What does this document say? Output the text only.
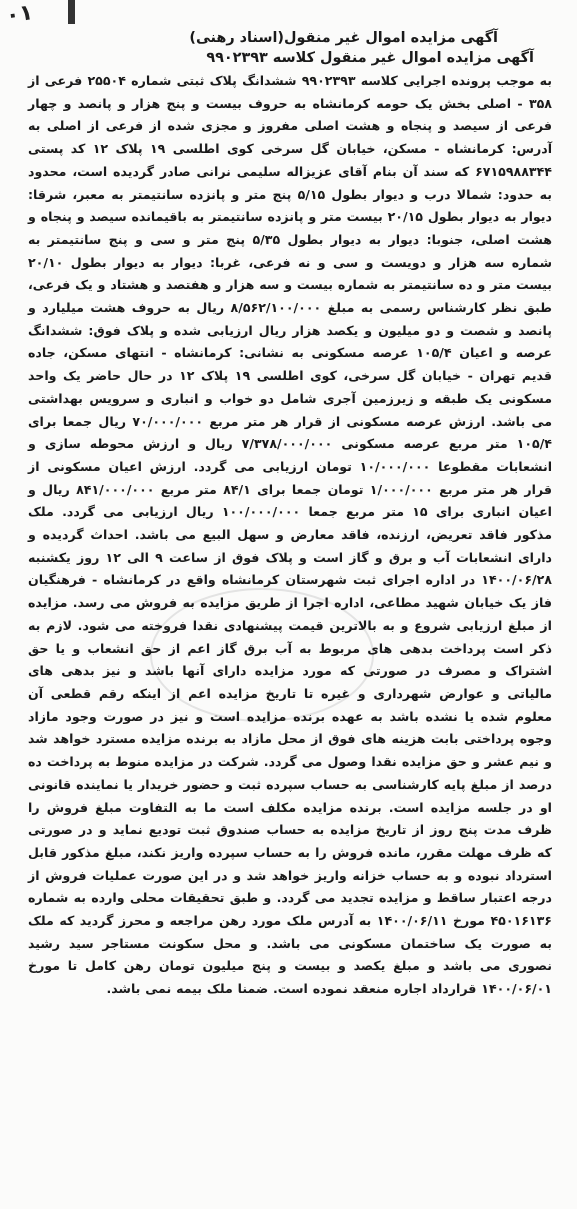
۰۱
آگهی مزایده اموال غیر منقول(اسناد رهنی)
آگهی مزایده اموال غیر منقول کلاسه ۹۹۰۲۳۹۳
به موجب پرونده اجرایی کلاسه ۹۹۰۲۳۹۳ ششدانگ پلاک ثبتی شماره ۲۵۵۰۴ فرعی از ۳۵۸ - اصلی بخش یک حومه کرمانشاه به حروف بیست و پنج هزار و پانصد و چهار فرعی از سیصد و پنجاه و هشت اصلی مفروز و مجزی شده از فرعی از اصلی به آدرس: کرمانشاه - مسکن، خیابان گل سرخی کوی اطلسی ۱۹ پلاک ۱۲ کد پستی ۶۷۱۵۹۸۸۳۴۴ که سند آن بنام آقای عزیزاله سلیمی نرانی صادر گردیده است، محدود به حدود: شمالا درب و دیوار بطول ۵/۱۵ پنج متر و پانزده سانتیمتر به معبر، شرقا: دیوار به دیوار بطول ۲۰/۱۵ بیست متر و پانزده سانتیمتر به باقیمانده سیصد و پنجاه و هشت اصلی، جنوبا: دیوار به دیوار بطول ۵/۳۵ پنج متر و سی و پنج سانتیمتر به شماره سه هزار و دویست و سی و نه فرعی، غربا: دیوار به دیوار بطول ۲۰/۱۰ بیست متر و ده سانتیمتر به شماره بیست و سه هزار و هفتصد و هشتاد و یک فرعی، طبق نظر کارشناس رسمی به مبلغ ۸/۵۶۲/۱۰۰/۰۰۰ ریال به حروف هشت میلیارد و پانصد و شصت و دو میلیون و یکصد هزار ریال ارزیابی شده و پلاک فوق: ششدانگ عرصه و اعیان ۱۰۵/۴ عرصه مسکونی به نشانی: کرمانشاه - انتهای مسکن، جاده قدیم تهران - خیابان گل سرخی، کوی اطلسی ۱۹ پلاک ۱۲ در حال حاضر یک واحد مسکونی یک طبقه و زیرزمین آجری شامل دو خواب و انباری و سرویس بهداشتی می باشد. ارزش عرصه مسکونی از قرار هر متر مربع ۷۰/۰۰۰/۰۰۰ ریال جمعا برای ۱۰۵/۴ متر مربع عرصه مسکونی ۷/۳۷۸/۰۰۰/۰۰۰ ریال و ارزش محوطه سازی و انشعابات مقطوعا ۱۰/۰۰۰/۰۰۰ تومان ارزیابی می گردد. ارزش اعیان مسکونی از قرار هر متر مربع ۱/۰۰۰/۰۰۰ تومان جمعا برای ۸۴/۱ متر مربع ۸۴۱/۰۰۰/۰۰۰ ریال و اعیان انباری برای ۱۵ متر مربع جمعا ۱۰۰/۰۰۰/۰۰۰ ریال ارزیابی می گردد. ملک مذکور فاقد تعریض، ارزنده، فاقد معارض و سهل البیع می باشد. احداث گردیده و دارای انشعابات آب و برق و گاز است و پلاک فوق از ساعت ۹ الی ۱۲ روز یکشنبه ۱۴۰۰/۰۶/۲۸ در اداره اجرای ثبت شهرستان کرمانشاه واقع در کرمانشاه - فرهنگیان فاز یک خیابان شهید مطاعی، اداره اجرا از طریق مزایده به فروش می رسد. مزایده از مبلغ ارزیابی شروع و به بالاترین قیمت پیشنهادی نقدا فروخته می شود. لازم به ذکر است پرداخت بدهی های مربوط به آب برق گاز اعم از حق انشعاب و یا حق اشتراک و مصرف در صورتی که مورد مزایده دارای آنها باشد و نیز بدهی های مالیاتی و عوارض شهرداری و غیره تا تاریخ مزایده اعم از اینکه رقم قطعی آن معلوم شده یا نشده باشد به عهده برنده مزایده است و نیز در صورت وجود مازاد وجوه پرداختی بابت هزینه های فوق از محل مازاد به برنده مزایده مسترد خواهد شد و نیم عشر و حق مزایده نقدا وصول می گردد. شرکت در مزایده منوط به پرداخت ده درصد از مبلغ پایه کارشناسی به حساب سپرده ثبت و حضور خریدار یا نماینده قانونی او در جلسه مزایده است. برنده مزایده مکلف است ما به التفاوت مبلغ فروش را ظرف مدت پنج روز از تاریخ مزایده به حساب صندوق ثبت تودیع نماید و در صورتی که ظرف مهلت مقرر، مانده فروش را به حساب سپرده واریز نکند، مبلغ مذکور قابل استرداد نبوده و به حساب خزانه واریز خواهد شد و در این صورت عملیات فروش از درجه اعتبار ساقط و مزایده تجدید می گردد. و طبق تحقیقات محلی وارده به شماره ۴۵۰۱۶۱۳۶ مورخ ۱۴۰۰/۰۶/۱۱ به آدرس ملک مورد رهن مراجعه و محرز گردید که ملک به صورت یک ساختمان مسکونی می باشد. و محل سکونت مستاجر سید رشید نصوری می باشد و مبلغ یکصد و بیست و پنج میلیون تومان رهن کامل تا مورخ ۱۴۰۰/۰۶/۰۱ قرارداد اجاره منعقد نموده است. ضمنا ملک بیمه نمی باشد.
